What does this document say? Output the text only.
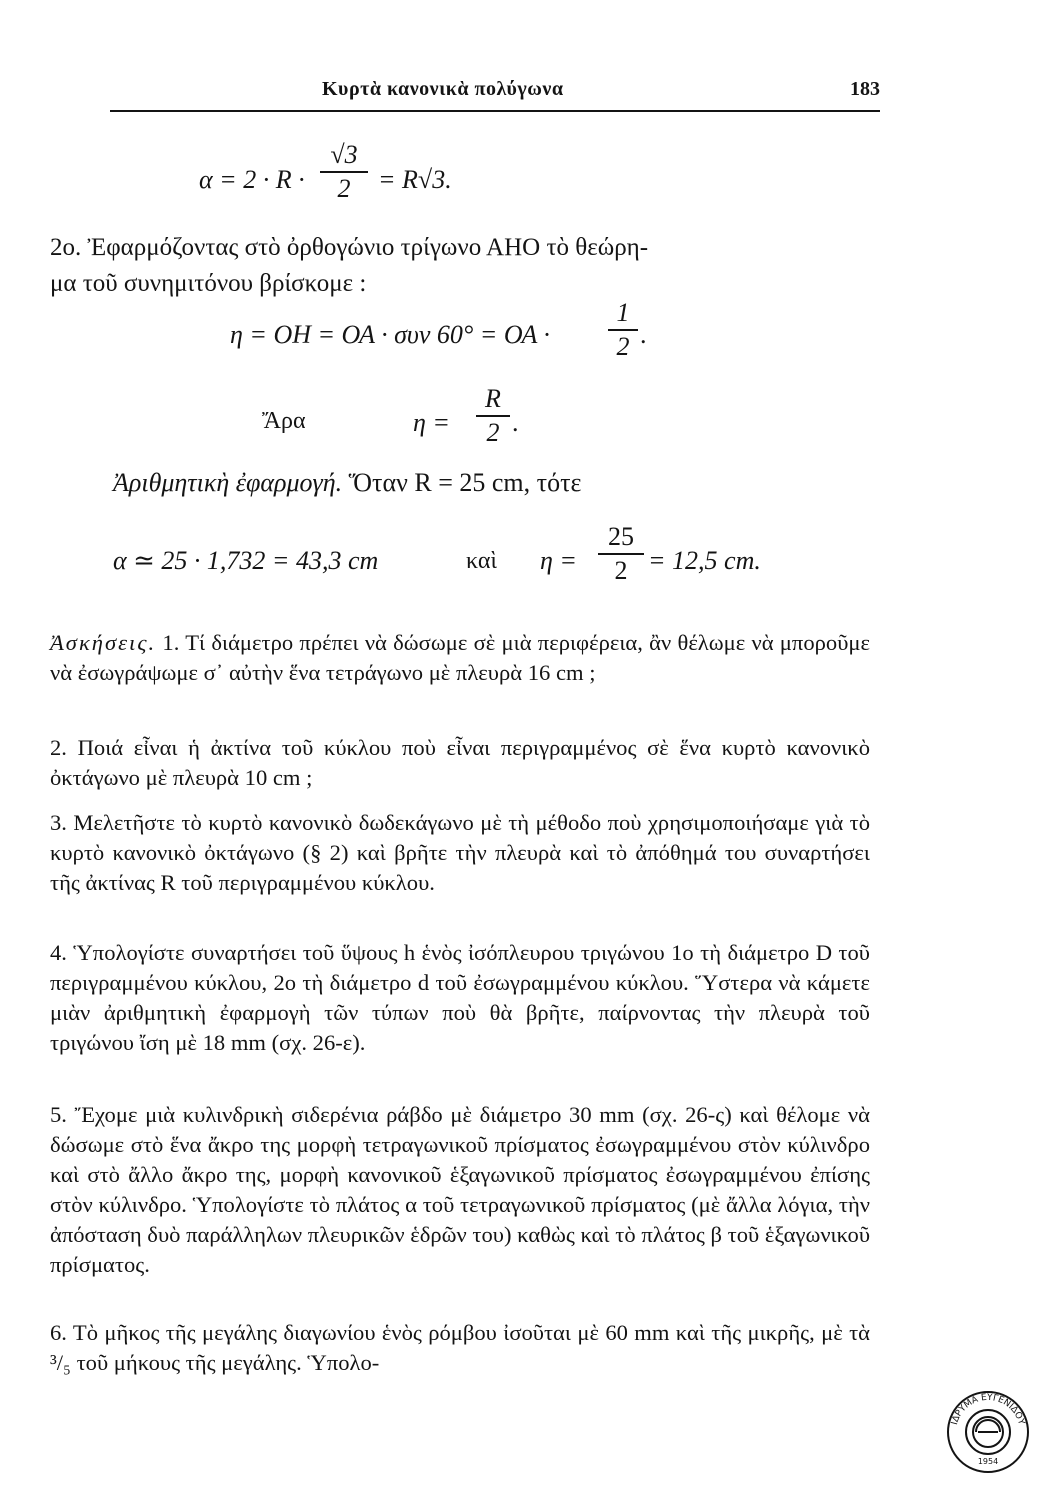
Κυρτὰ κανονικὰ πολύγωνα	183
α = 2 · R ·
√3
2	= R√3.
2ο. Ἐφαρμόζοντας στὸ ὀρθογώνιο τρίγωνο ΑΗΟ τὸ θεώρη-
μα τοῦ συνημιτόνου βρίσκομε :
η = ΟΗ = ΟΑ · συν 60° = ΟΑ ·
1
2 .
Ἄρα	η =
R
2 .
Ἀριθμητικὴ ἐφαρμογή. Ὅταν R = 25 cm, τότε
α ≃ 25 · 1,732 = 43,3 cm	καὶ η =
25
2 = 12,5 cm.
Ἀσκήσεις. 1. Τί διάμετρο πρέπει νὰ δώσωμε σὲ μιὰ περιφέρεια, ἂν θέλωμε νὰ μποροῦμε νὰ ἐσωγράψωμε σ᾽ αὐτὴν ἕνα τετράγωνο μὲ πλευρὰ 16 cm ;
2. Ποιά εἶναι ἡ ἀκτίνα τοῦ κύκλου ποὺ εἶναι περιγραμμένος σὲ ἕνα κυρτὸ κανονικὸ ὀκτάγωνο μὲ πλευρὰ 10 cm ;
3. Μελετῆστε τὸ κυρτὸ κανονικὸ δωδεκάγωνο μὲ τὴ μέθοδο ποὺ χρησιμοποιήσαμε γιὰ τὸ κυρτὸ κανονικὸ ὀκτάγωνο (§ 2) καὶ βρῆτε τὴν πλευρὰ καὶ τὸ ἀπόθημά του συναρτήσει τῆς ἀκτίνας R τοῦ περιγραμμένου κύκλου.
4. Ὑπολογίστε συναρτήσει τοῦ ὕψους h ἑνὸς ἰσόπλευρου τριγώνου 1ο τὴ διάμετρο D τοῦ περιγραμμένου κύκλου, 2ο τὴ διάμετρο d τοῦ ἐσωγραμμένου κύκλου. Ὕστερα νὰ κάμετε μιὰν ἀριθμητικὴ ἐφαρμογὴ τῶν τύπων ποὺ θὰ βρῆτε, παίρνοντας τὴν πλευρὰ τοῦ τριγώνου ἴση μὲ 18 mm (σχ. 26-ε).
5. Ἔχομε μιὰ κυλινδρικὴ σιδερένια ράβδο μὲ διάμετρο 30 mm (σχ. 26-ς) καὶ θέλομε νὰ δώσωμε στὸ ἕνα ἄκρο της μορφὴ τετραγωνικοῦ πρίσματος ἐσωγραμμένου στὸν κύλινδρο καὶ στὸ ἄλλο ἄκρο της, μορφὴ κανονικοῦ ἑξαγωνικοῦ πρίσματος ἐσωγραμμένου ἐπίσης στὸν κύλινδρο. Ὑπολογίστε τὸ πλάτος α τοῦ τετραγωνικοῦ πρίσματος (μὲ ἄλλα λόγια, τὴν ἀπόσταση δυὸ παράλληλων πλευρικῶν ἑδρῶν του) καθὼς καὶ τὸ πλάτος β τοῦ ἑξαγωνικοῦ πρίσματος.
6. Τὸ μῆκος τῆς μεγάλης διαγωνίου ἑνὸς ρόμβου ἰσοῦται μὲ 60 mm καὶ τῆς μικρῆς, μὲ τὰ ³/₅ τοῦ μήκους τῆς μεγάλης. Ὑπολο-
ΙΔΡΥΜΑ ΕΥΓΕΝΙΔΟΥ
1954
